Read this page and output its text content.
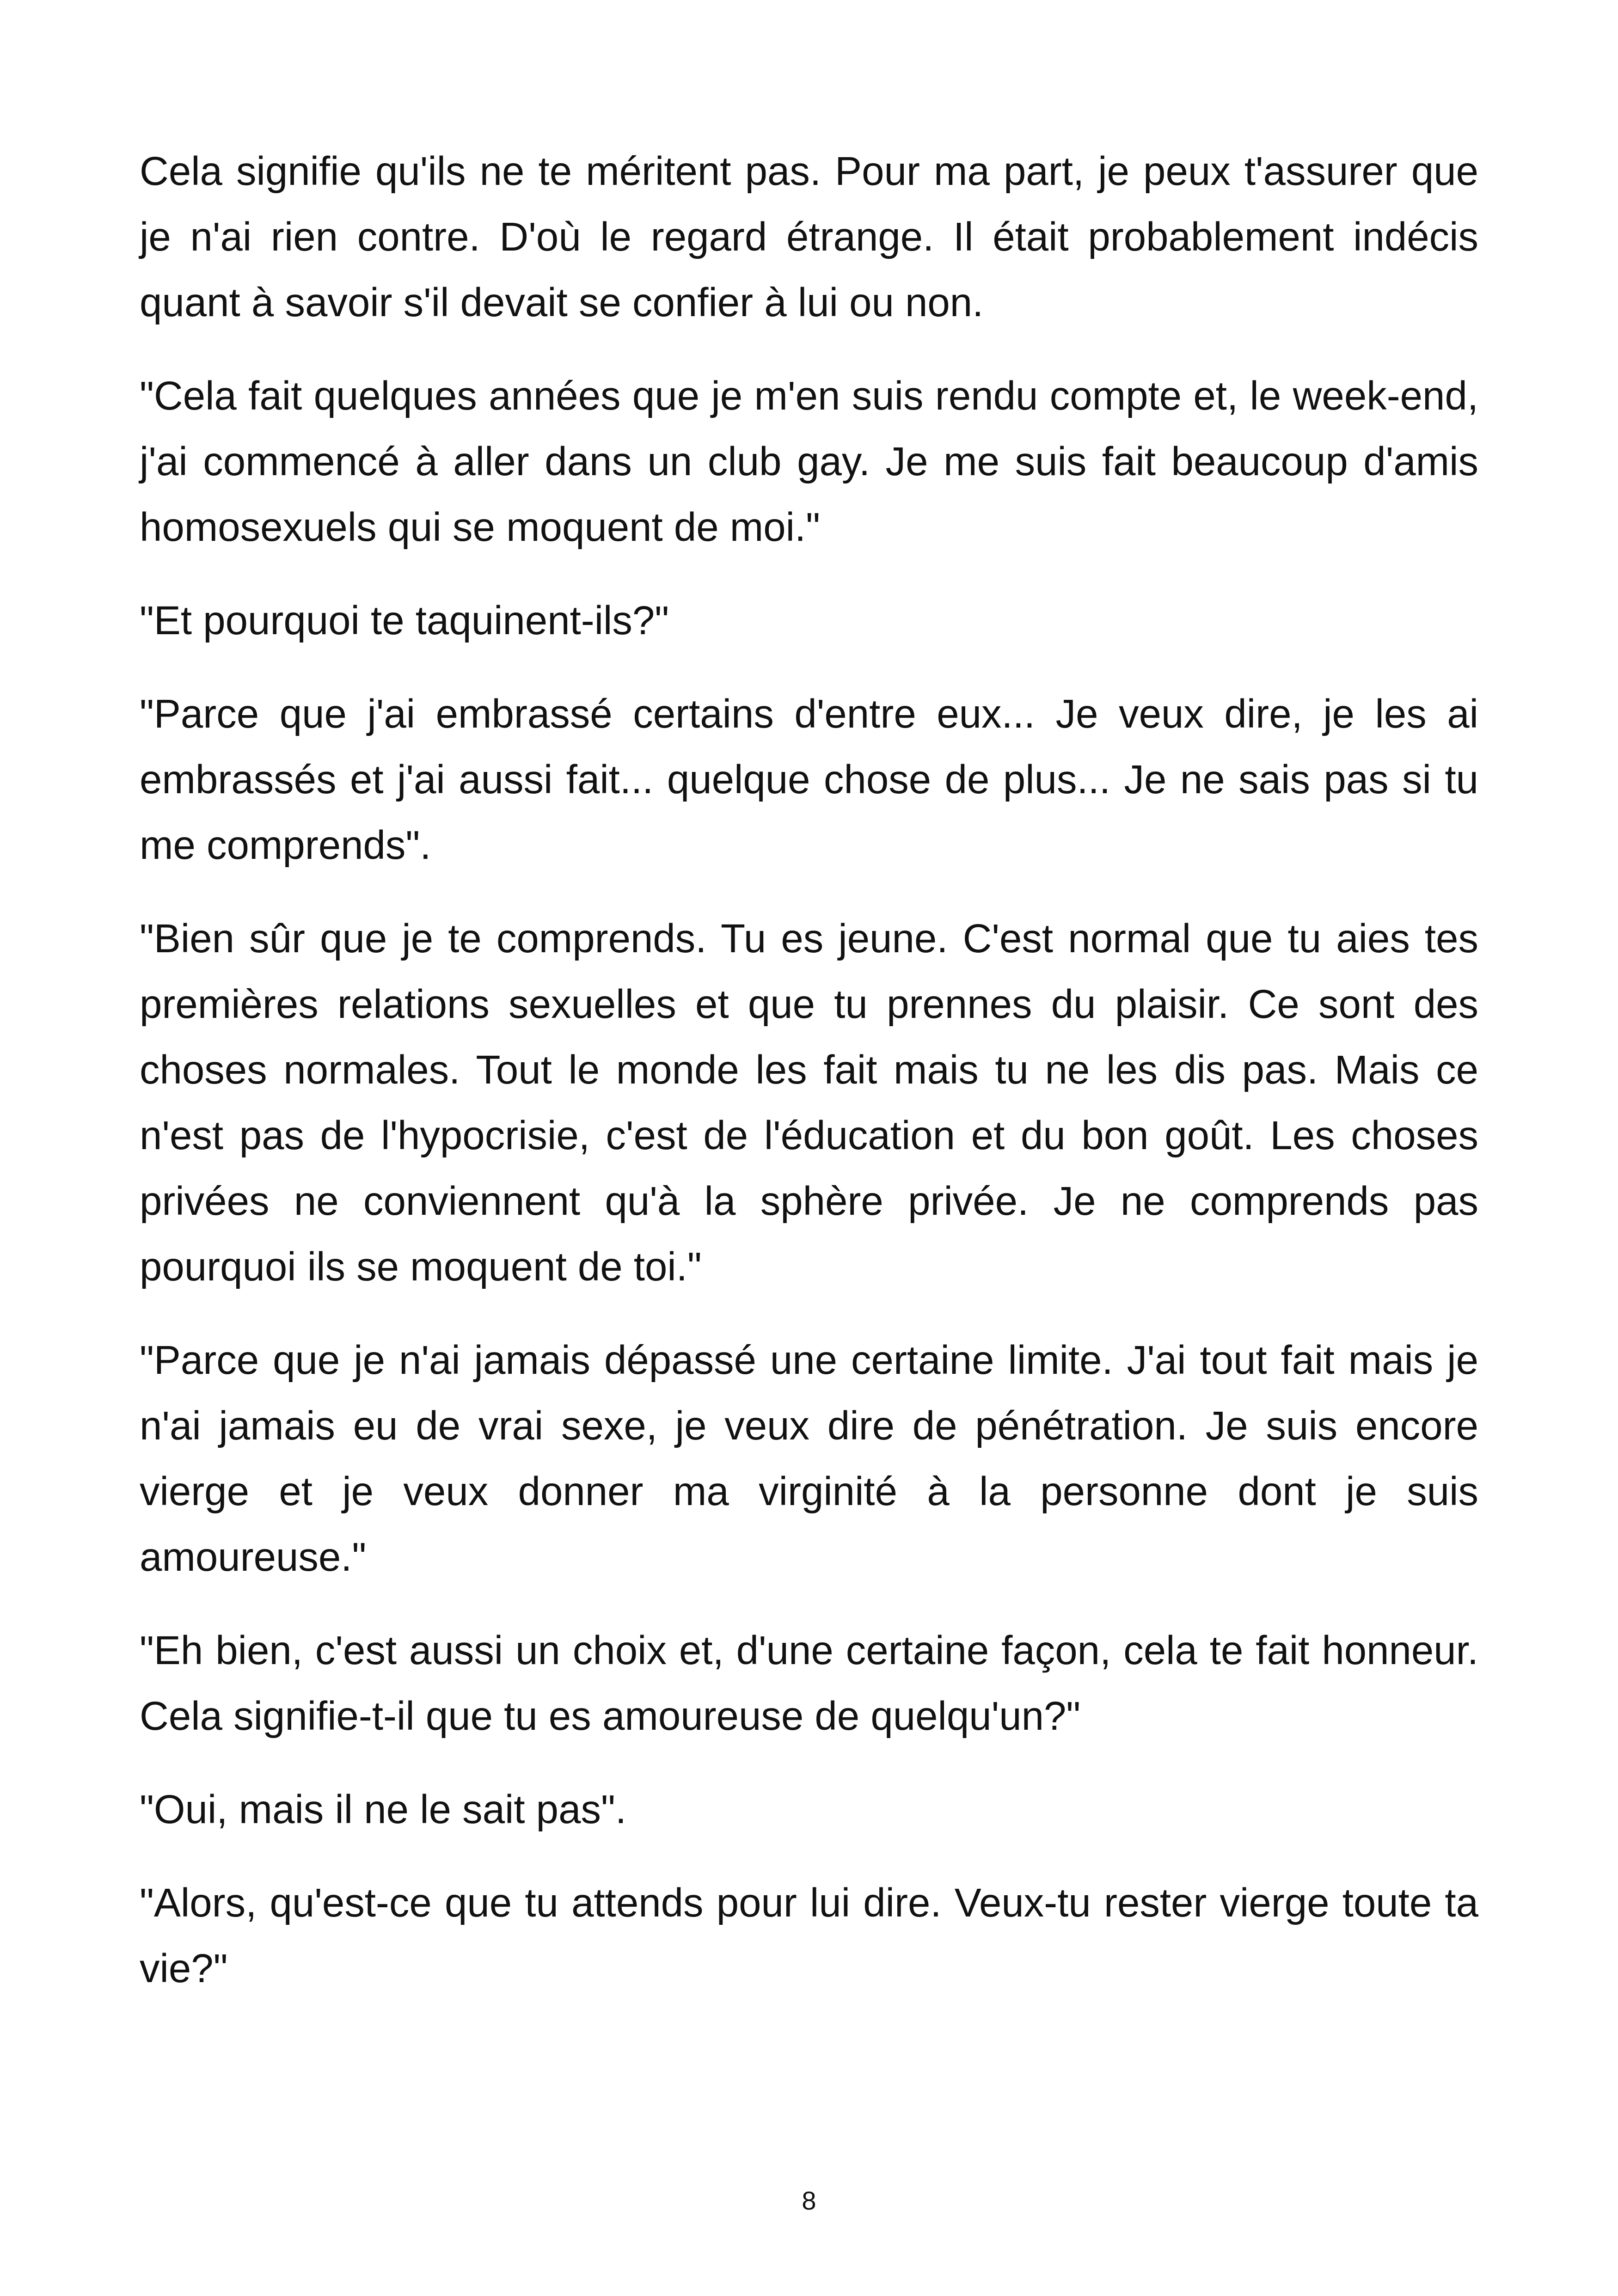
Cela signifie qu'ils ne te méritent pas. Pour ma part, je peux t'assurer que je n'ai rien contre. D'où le regard étrange. Il était probablement indécis quant à savoir s'il devait se confier à lui ou non.

"Cela fait quelques années que je m'en suis rendu compte et, le week-end, j'ai commencé à aller dans un club gay. Je me suis fait beaucoup d'amis homosexuels qui se moquent de moi."

"Et pourquoi te taquinent-ils?"

"Parce que j'ai embrassé certains d'entre eux... Je veux dire, je les ai embrassés et j'ai aussi fait... quelque chose de plus... Je ne sais pas si tu me comprends".

"Bien sûr que je te comprends. Tu es jeune. C'est normal que tu aies tes premières relations sexuelles et que tu prennes du plaisir. Ce sont des choses normales. Tout le monde les fait mais tu ne les dis pas. Mais ce n'est pas de l'hypocrisie, c'est de l'éducation et du bon goût. Les choses privées ne conviennent qu'à la sphère privée. Je ne comprends pas pourquoi ils se moquent de toi."

"Parce que je n'ai jamais dépassé une certaine limite. J'ai tout fait mais je n'ai jamais eu de vrai sexe, je veux dire de pénétration. Je suis encore vierge et je veux donner ma virginité à la personne dont je suis amoureuse."

"Eh bien, c'est aussi un choix et, d'une certaine façon, cela te fait honneur. Cela signifie-t-il que tu es amoureuse de quelqu'un?"

"Oui, mais il ne le sait pas".

"Alors, qu'est-ce que tu attends pour lui dire. Veux-tu rester vierge toute ta vie?"

8
